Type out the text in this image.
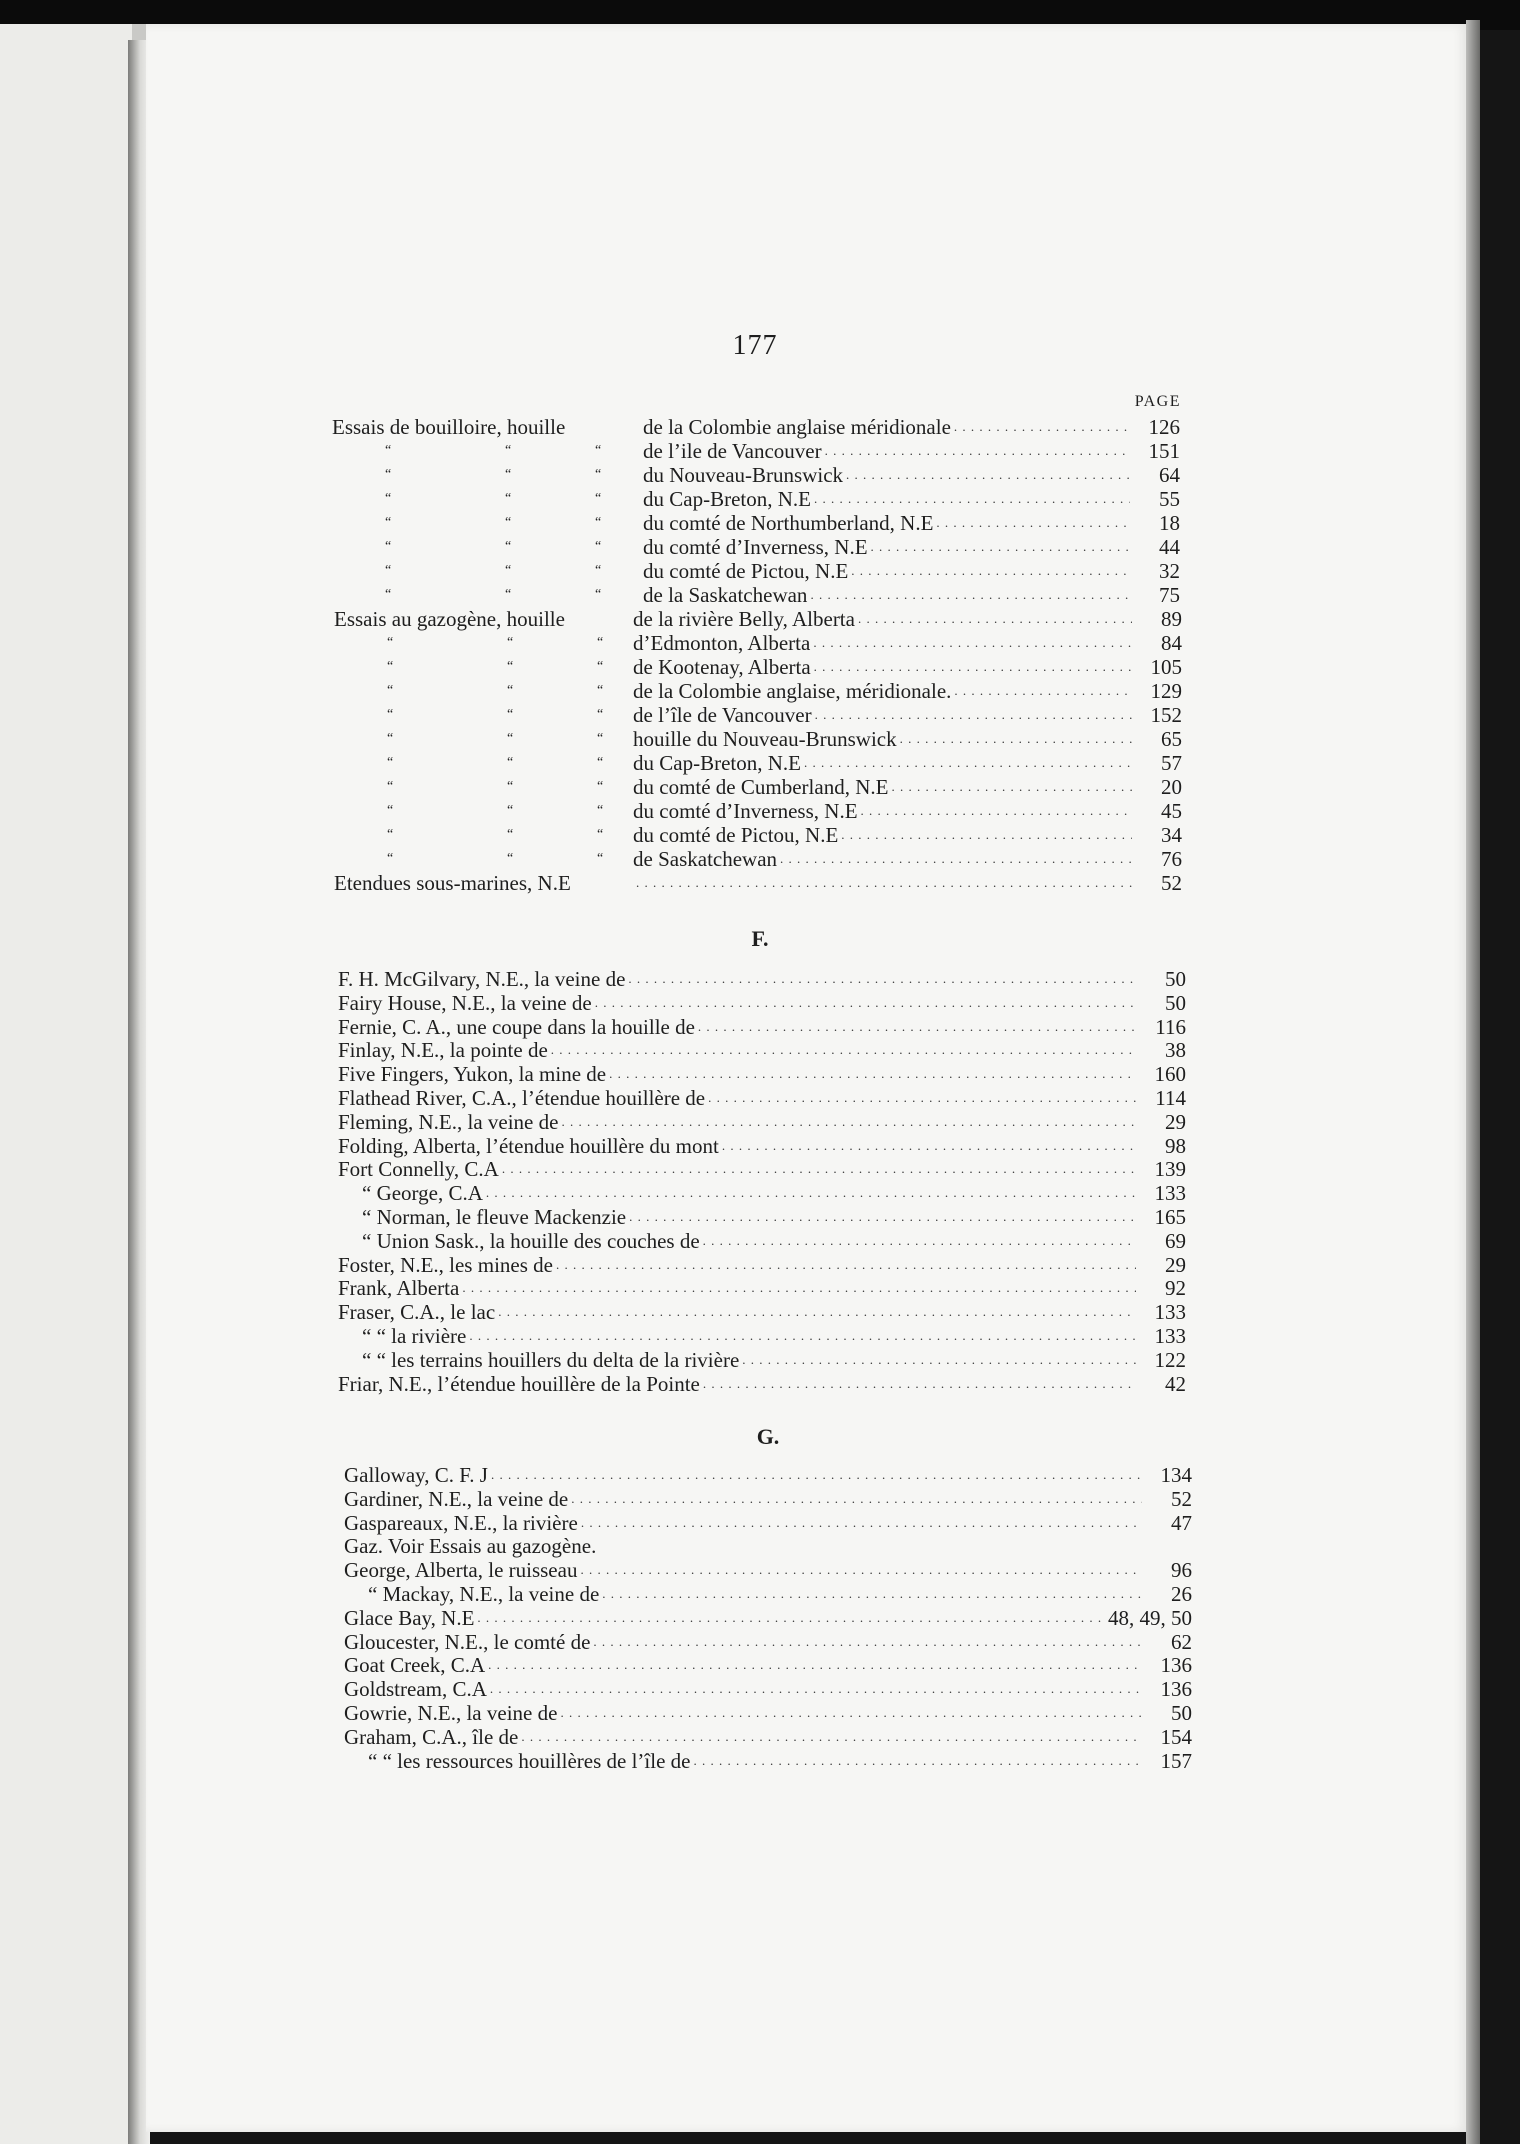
177
PAGE
Essais de bouilloire, houille	de la Colombie anglaise méridionale . . .	126
“	“	“ de l’ile de Vancouver . . .	151
“	“	“ du Nouveau-Brunswick . . .	64
“	“	“ du Cap-Breton, N.E . . .	55
“	“	“ du comté de Northumberland, N.E . . .	18
“	“	“ du comté d’Inverness, N.E . . .	44
“	“	“ du comté de Pictou, N.E . . .	32
“	“	“ de la Saskatchewan . . .	75
Essais au gazogène, houille	de la rivière Belly, Alberta . . .	89
“	“	“ d’Edmonton, Alberta . . .	84
“	“	“ de Kootenay, Alberta . . .	105
“	“	“ de la Colombie anglaise, méridionale. . . .	129
“	“	“ de l’île de Vancouver . . .	152
“	“	“ houille du Nouveau-Brunswick . . .	65
“	“	“ du Cap-Breton, N.E . . .	57
“	“	“ du comté de Cumberland, N.E . . .	20
“	“	“ du comté d’Inverness, N.E . . .	45
“	“	“ du comté de Pictou, N.E . . .	34
“	“	“ de Saskatchewan . . .	76
Etendues sous-marines, N.E . . .	52
F.
F. H. McGilvary, N.E., la veine de . . .	50
Fairy House, N.E., la veine de . . .	50
Fernie, C. A., une coupe dans la houille de . . .	116
Finlay, N.E., la pointe de . . .	38
Five Fingers, Yukon, la mine de . . .	160
Flathead River, C.A., l’étendue houillère de . . .	114
Fleming, N.E., la veine de . . .	29
Folding, Alberta, l’étendue houillère du mont . . .	98
Fort Connelly, C.A . . .	139
“ George, C.A . . .	133
“ Norman, le fleuve Mackenzie . . .	165
“ Union Sask., la houille des couches de . . .	69
Foster, N.E., les mines de . . .	29
Frank, Alberta . . .	92
Fraser, C.A., le lac . . .	133
“ “ la rivière . . .	133
“ “ les terrains houillers du delta de la rivière . . .	122
Friar, N.E., l’étendue houillère de la Pointe . . .	42
G.
Galloway, C. F. J . . .	134
Gardiner, N.E., la veine de . . .	52
Gaspareaux, N.E., la rivière . . .	47
Gaz. Voir Essais au gazogène.
George, Alberta, le ruisseau . . .	96
“ Mackay, N.E., la veine de . . .	26
Glace Bay, N.E . . .	48, 49, 50
Gloucester, N.E., le comté de . . .	62
Goat Creek, C.A . . .	136
Goldstream, C.A . . .	136
Gowrie, N.E., la veine de . . .	50
Graham, C.A., île de . . .	154
“ “ les ressources houillères de l’île de . . .	157
